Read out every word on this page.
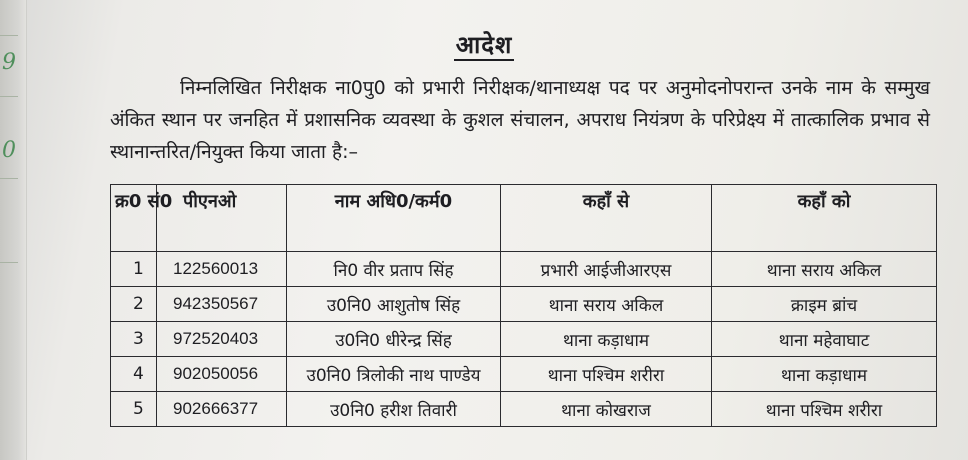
9
0
आदेश
निम्नलिखित निरीक्षक ना0पु0 को प्रभारी निरीक्षक/थानाध्यक्ष पद पर अनुमोदनोपरान्त उनके नाम के सम्मुख अंकित स्थान पर जनहित में प्रशासनिक व्यवस्था के कुशल संचालन, अपराध नियंत्रण के परिप्रेक्ष्य में तात्कालिक प्रभाव से स्थानान्तरित/नियुक्त किया जाता है:–
क्र0 सं0	पीएनओ	नाम अधि0/कर्म0	कहाँ से	कहाँ को
1	122560013	नि0 वीर प्रताप सिंह	प्रभारी आईजीआरएस	थाना सराय अकिल
2	942350567	उ0नि0 आशुतोष सिंह	थाना सराय अकिल	क्राइम ब्रांच
3	972520403	उ0नि0 धीरेन्द्र सिंह	थाना कड़ाधाम	थाना महेवाघाट
4	902050056	उ0नि0 त्रिलोकी नाथ पाण्डेय	थाना पश्चिम शरीरा	थाना कड़ाधाम
5	902666377	उ0नि0 हरीश तिवारी	थाना कोखराज	थाना पश्चिम शरीरा
